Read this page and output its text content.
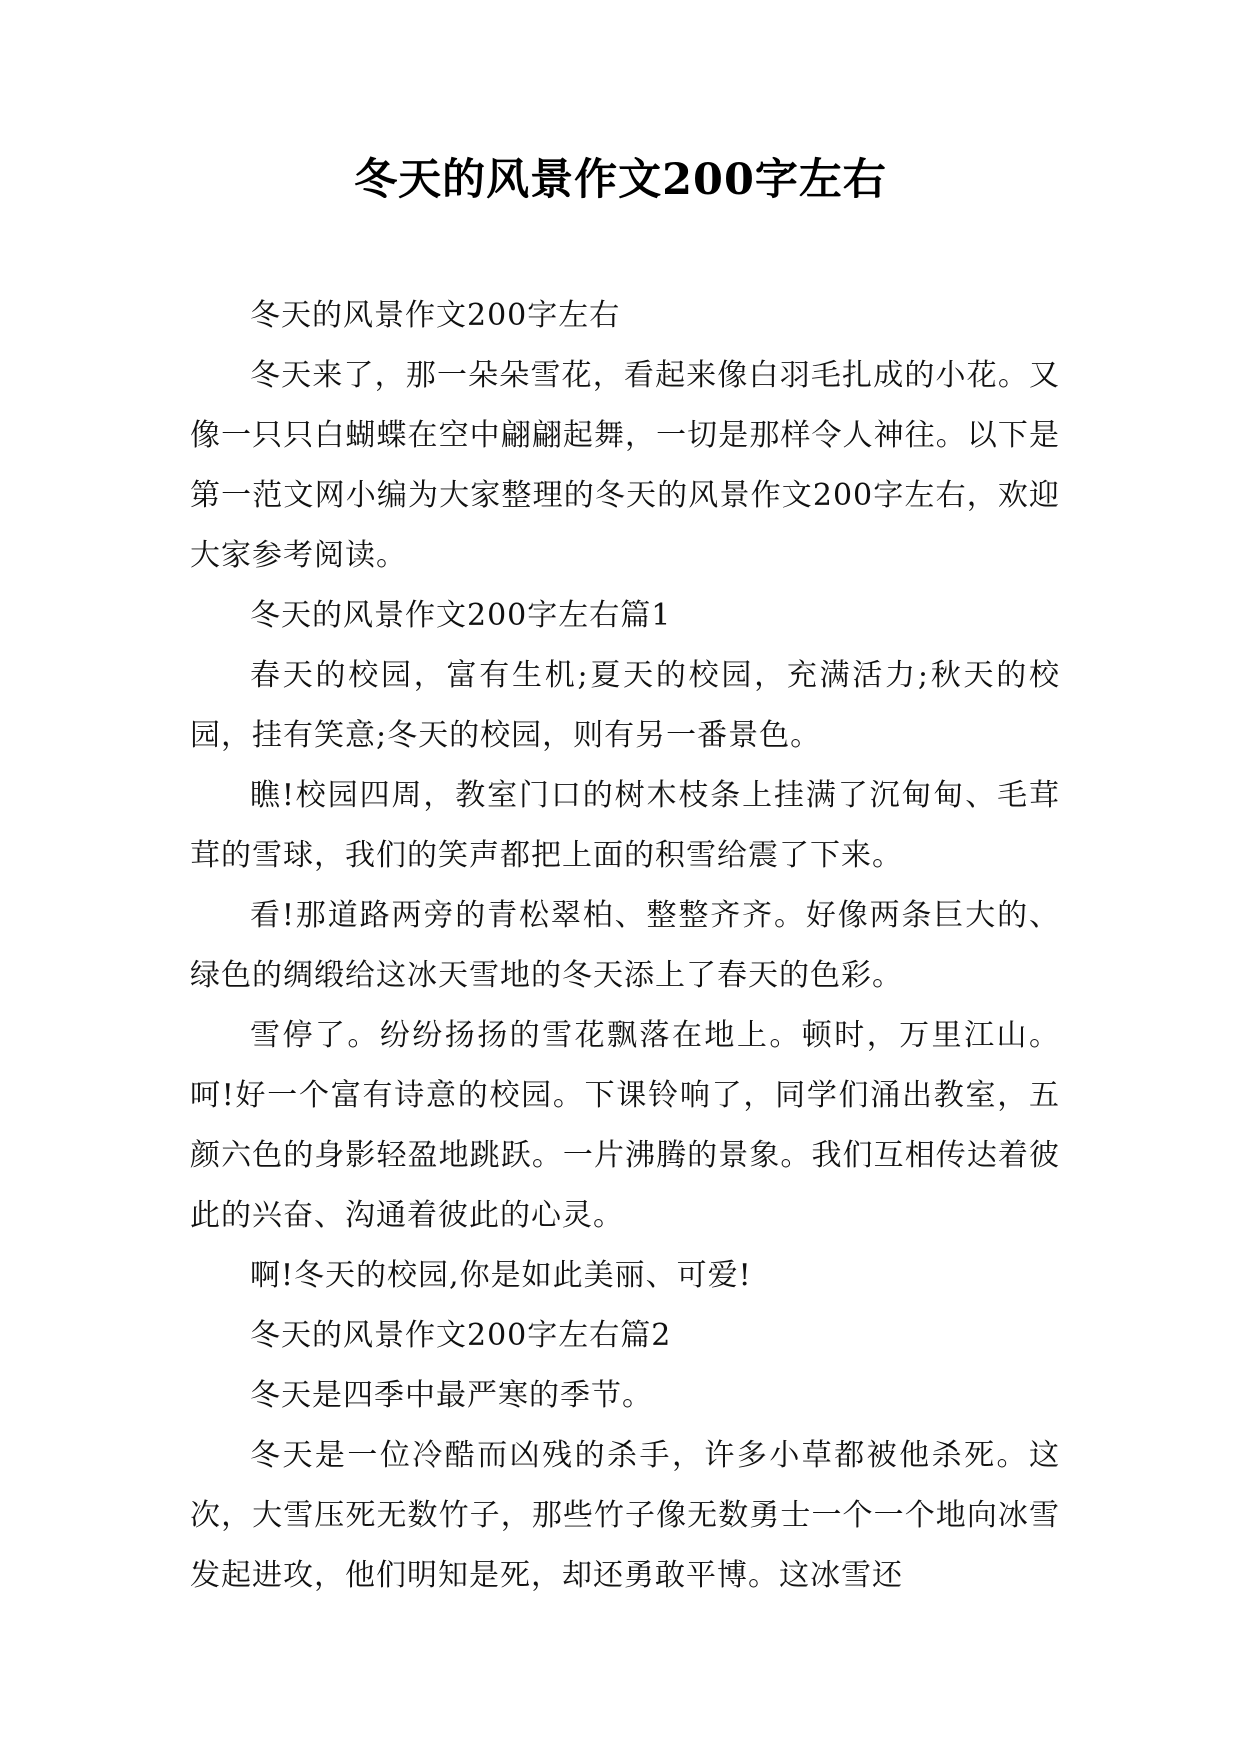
冬天的风景作文200字左右

冬天的风景作文200字左右

冬天来了，那一朵朵雪花，看起来像白羽毛扎成的小花。又像一只只白蝴蝶在空中翩翩起舞，一切是那样令人神往。以下是第一范文网小编为大家整理的冬天的风景作文200字左右，欢迎大家参考阅读。

冬天的风景作文200字左右篇1

春天的校园，富有生机;夏天的校园，充满活力;秋天的校园，挂有笑意;冬天的校园，则有另一番景色。

瞧!校园四周，教室门口的树木枝条上挂满了沉甸甸、毛茸茸的雪球，我们的笑声都把上面的积雪给震了下来。

看!那道路两旁的青松翠柏、整整齐齐。好像两条巨大的、绿色的绸缎给这冰天雪地的冬天添上了春天的色彩。

雪停了。纷纷扬扬的雪花飘落在地上。顿时，万里江山。呵!好一个富有诗意的校园。下课铃响了，同学们涌出教室，五颜六色的身影轻盈地跳跃。一片沸腾的景象。我们互相传达着彼此的兴奋、沟通着彼此的心灵。

啊!冬天的校园,你是如此美丽、可爱!

冬天的风景作文200字左右篇2

冬天是四季中最严寒的季节。

冬天是一位冷酷而凶残的杀手，许多小草都被他杀死。这次，大雪压死无数竹子，那些竹子像无数勇士一个一个地向冰雪发起进攻，他们明知是死，却还勇敢平博。这冰雪还
